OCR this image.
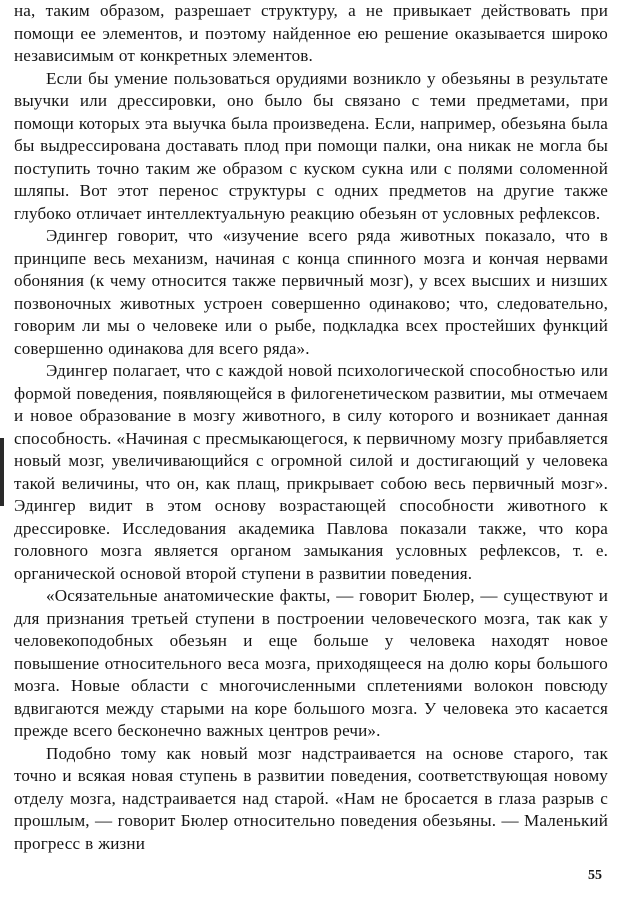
на, таким образом, разрешает структуру, а не привыкает действовать при помощи ее элементов, и поэтому найденное ею решение оказывается широко независимым от конкретных элементов.

Если бы умение пользоваться орудиями возникло у обезьяны в результате выучки или дрессировки, оно было бы связано с теми предметами, при помощи которых эта выучка была произведена. Если, например, обезьяна была бы выдрессирована доставать плод при помощи палки, она никак не могла бы поступить точно таким же образом с куском сукна или с полями соломенной шляпы. Вот этот перенос структуры с одних предметов на другие также глубоко отличает интеллектуальную реакцию обезьян от условных рефлексов.

Эдингер говорит, что «изучение всего ряда животных показало, что в принципе весь механизм, начиная с конца спинного мозга и кончая нервами обоняния (к чему относится также первичный мозг), у всех высших и низших позвоночных животных устроен совершенно одинаково; что, следовательно, говорим ли мы о человеке или о рыбе, подкладка всех простейших функций совершенно одинакова для всего ряда».

Эдингер полагает, что с каждой новой психологической способностью или формой поведения, появляющейся в филогенетическом развитии, мы отмечаем и новое образование в мозгу животного, в силу которого и возникает данная способность. «Начиная с пресмыкающегося, к первичному мозгу прибавляется новый мозг, увеличивающийся с огромной силой и достигающий у человека такой величины, что он, как плащ, прикрывает собою весь первичный мозг». Эдингер видит в этом основу возрастающей способности животного к дрессировке. Исследования академика Павлова показали также, что кора головного мозга является органом замыкания условных рефлексов, т. е. органической основой второй ступени в развитии поведения.

«Осязательные анатомические факты, — говорит Бюлер, — существуют и для признания третьей ступени в построении человеческого мозга, так как у человекоподобных обезьян и еще больше у человека находят новое повышение относительного веса мозга, приходящееся на долю коры большого мозга. Новые области с многочисленными сплетениями волокон повсюду вдвигаются между старыми на коре большого мозга. У человека это касается прежде всего бесконечно важных центров речи».

Подобно тому как новый мозг надстраивается на основе старого, так точно и всякая новая ступень в развитии поведения, соответствующая новому отделу мозга, надстраивается над старой. «Нам не бросается в глаза разрыв с прошлым, — говорит Бюлер относительно поведения обезьяны. — Маленький прогресс в жизни

55
